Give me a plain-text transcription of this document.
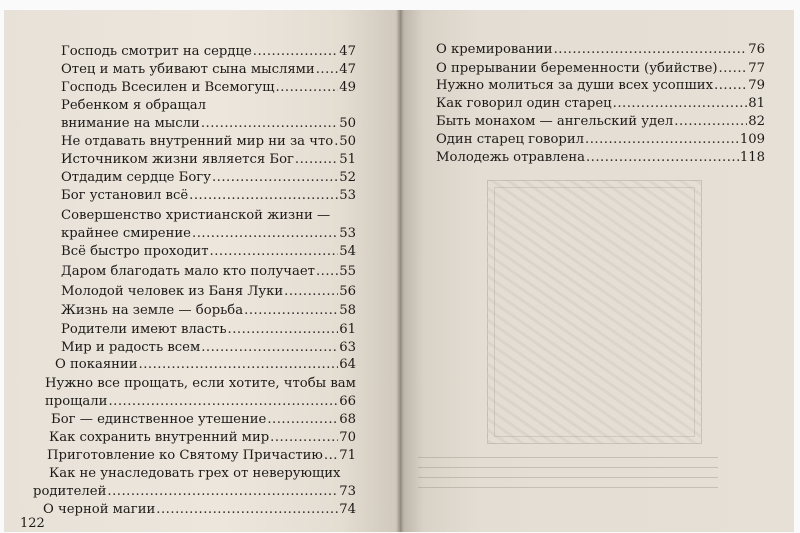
Господь смотрит на сердце .....	47
Отец и мать убивают сына мыслями ..... 47
Господь Всесилен и Всемогущ .....	49
Ребенком я обращал
внимание на мысли .....	50
Не отдавать внутренний мир ни за что ..... 50
Источником жизни является Бог .....	51
Отдадим сердце Богу .....	52
Бог установил всё .....	53
Совершенство христианской жизни —
крайнее смирение .....	53
Всё быстро проходит .....	54
Даром благодать мало кто получает ..... 55
Молодой человек из Баня Луки .....	56
Жизнь на земле — борьба .....	58
Родители имеют власть .....	61
Мир и радость всем .....	63
О покаянии .....	64
Нужно все прощать, если хотите, чтобы вам
прощали .....	66
Бог — единственное утешение .....	68
Как сохранить внутренний мир .....	70
Приготовление ко Святому Причастию ..... 71
Как не унаследовать грех от неверующих
родителей .....	73
О черной магии .....	74
122
О кремировании .....	76
О прерывании беременности (убийстве) ..... 77
Нужно молиться за души всех усопших .....	79
Как говорил один старец .....	81
Быть монахом — ангельский удел .....	82
Один старец говорил .....	109
Молодежь отравлена .....	118
